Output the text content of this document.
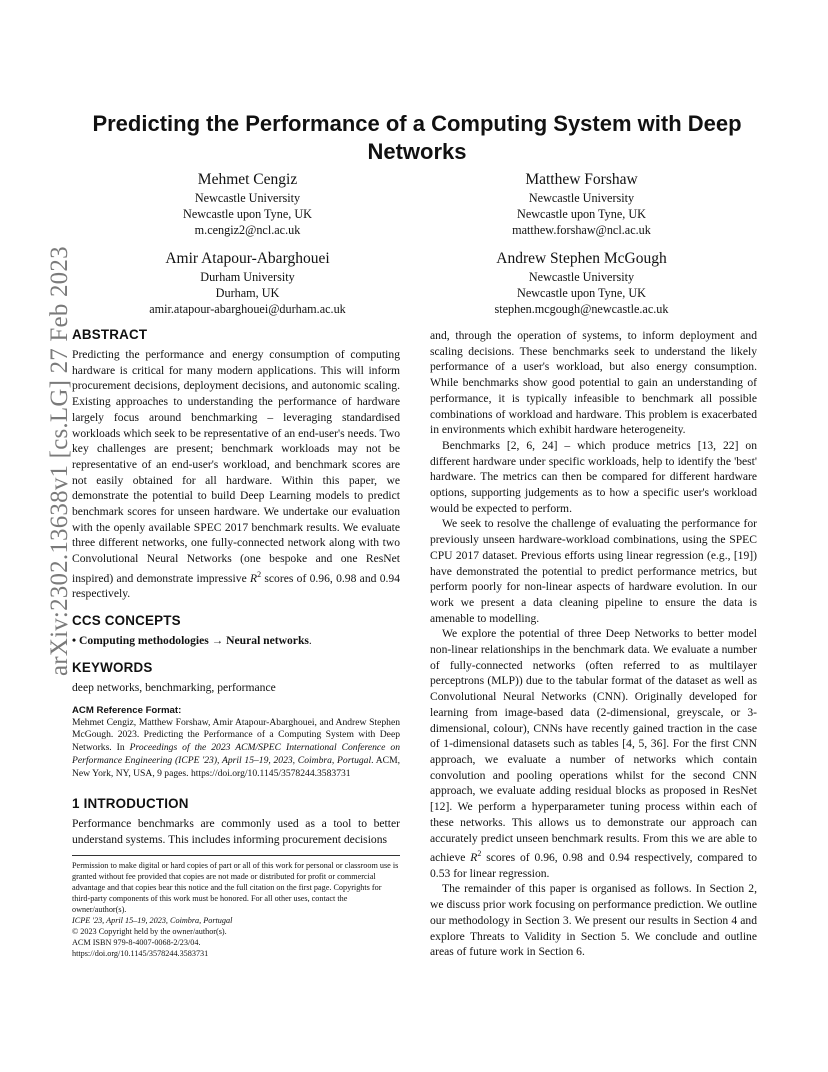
arXiv:2302.13638v1 [cs.LG] 27 Feb 2023
Predicting the Performance of a Computing System with Deep Networks
Mehmet Cengiz
Newcastle University
Newcastle upon Tyne, UK
m.cengiz2@ncl.ac.uk
Matthew Forshaw
Newcastle University
Newcastle upon Tyne, UK
matthew.forshaw@ncl.ac.uk
Amir Atapour-Abarghouei
Durham University
Durham, UK
amir.atapour-abarghouei@durham.ac.uk
Andrew Stephen McGough
Newcastle University
Newcastle upon Tyne, UK
stephen.mcgough@newcastle.ac.uk
ABSTRACT

Predicting the performance and energy consumption of computing hardware is critical for many modern applications. This will inform procurement decisions, deployment decisions, and autonomic scaling. Existing approaches to understanding the performance of hardware largely focus around benchmarking – leveraging standardised workloads which seek to be representative of an end-user's needs. Two key challenges are present; benchmark workloads may not be representative of an end-user's workload, and benchmark scores are not easily obtained for all hardware. Within this paper, we demonstrate the potential to build Deep Learning models to predict benchmark scores for unseen hardware. We undertake our evaluation with the openly available SPEC 2017 benchmark results. We evaluate three different networks, one fully-connected network along with two Convolutional Neural Networks (one bespoke and one ResNet inspired) and demonstrate impressive $R^2$ scores of 0.96, 0.98 and 0.94 respectively.

CCS CONCEPTS

• Computing methodologies → Neural networks.

KEYWORDS

deep networks, benchmarking, performance

ACM Reference Format:

Mehmet Cengiz, Matthew Forshaw, Amir Atapour-Abarghouei, and Andrew Stephen McGough. 2023. Predicting the Performance of a Computing System with Deep Networks. In Proceedings of the 2023 ACM/SPEC International Conference on Performance Engineering (ICPE '23), April 15–19, 2023, Coimbra, Portugal. ACM, New York, NY, USA, 9 pages. https://doi.org/10.1145/3578244.3583731

1 INTRODUCTION

Performance benchmarks are commonly used as a tool to better understand systems. This includes informing procurement decisions

and, through the operation of systems, to inform deployment and scaling decisions. These benchmarks seek to understand the likely performance of a user's workload, but also energy consumption. While benchmarks show good potential to gain an understanding of performance, it is typically infeasible to benchmark all possible combinations of workload and hardware. This problem is exacerbated in environments which exhibit hardware heterogeneity.

Benchmarks [2, 6, 24] – which produce metrics [13, 22] on different hardware under specific workloads, help to identify the 'best' hardware. The metrics can then be compared for different hardware options, supporting judgements as to how a specific user's workload would be expected to perform.

We seek to resolve the challenge of evaluating the performance for previously unseen hardware-workload combinations, using the SPEC CPU 2017 dataset. Previous efforts using linear regression (e.g., [19]) have demonstrated the potential to predict performance metrics, but perform poorly for non-linear aspects of hardware evolution. In our work we present a data cleaning pipeline to ensure the data is amenable to modelling.

We explore the potential of three Deep Networks to better model non-linear relationships in the benchmark data. We evaluate a number of fully-connected networks (often referred to as multilayer perceptrons (MLP)) due to the tabular format of the dataset as well as Convolutional Neural Networks (CNN). Originally developed for learning from image-based data (2-dimensional, greyscale, or 3-dimensional, colour), CNNs have recently gained traction in the case of 1-dimensional datasets such as tables [4, 5, 36]. For the first CNN approach, we evaluate a number of networks which contain convolution and pooling operations whilst for the second CNN approach, we evaluate adding residual blocks as proposed in ResNet [12]. We perform a hyperparameter tuning process within each of these networks. This allows us to demonstrate our approach can accurately predict unseen benchmark results. From this we are able to achieve $R^2$ scores of 0.96, 0.98 and 0.94 respectively, compared to 0.53 for linear regression.

The remainder of this paper is organised as follows. In Section 2, we discuss prior work focusing on performance prediction. We outline our methodology in Section 3. We present our results in Section 4 and explore Threats to Validity in Section 5. We conclude and outline areas of future work in Section 6.

Permission to make digital or hard copies of part or all of this work for personal or classroom use is granted without fee provided that copies are not made or distributed for profit or commercial advantage and that copies bear this notice and the full citation on the first page. Copyrights for third-party components of this work must be honored. For all other uses, contact the owner/author(s).

ICPE '23, April 15–19, 2023, Coimbra, Portugal

© 2023 Copyright held by the owner/author(s).

ACM ISBN 979-8-4007-0068-2/23/04.

https://doi.org/10.1145/3578244.3583731
